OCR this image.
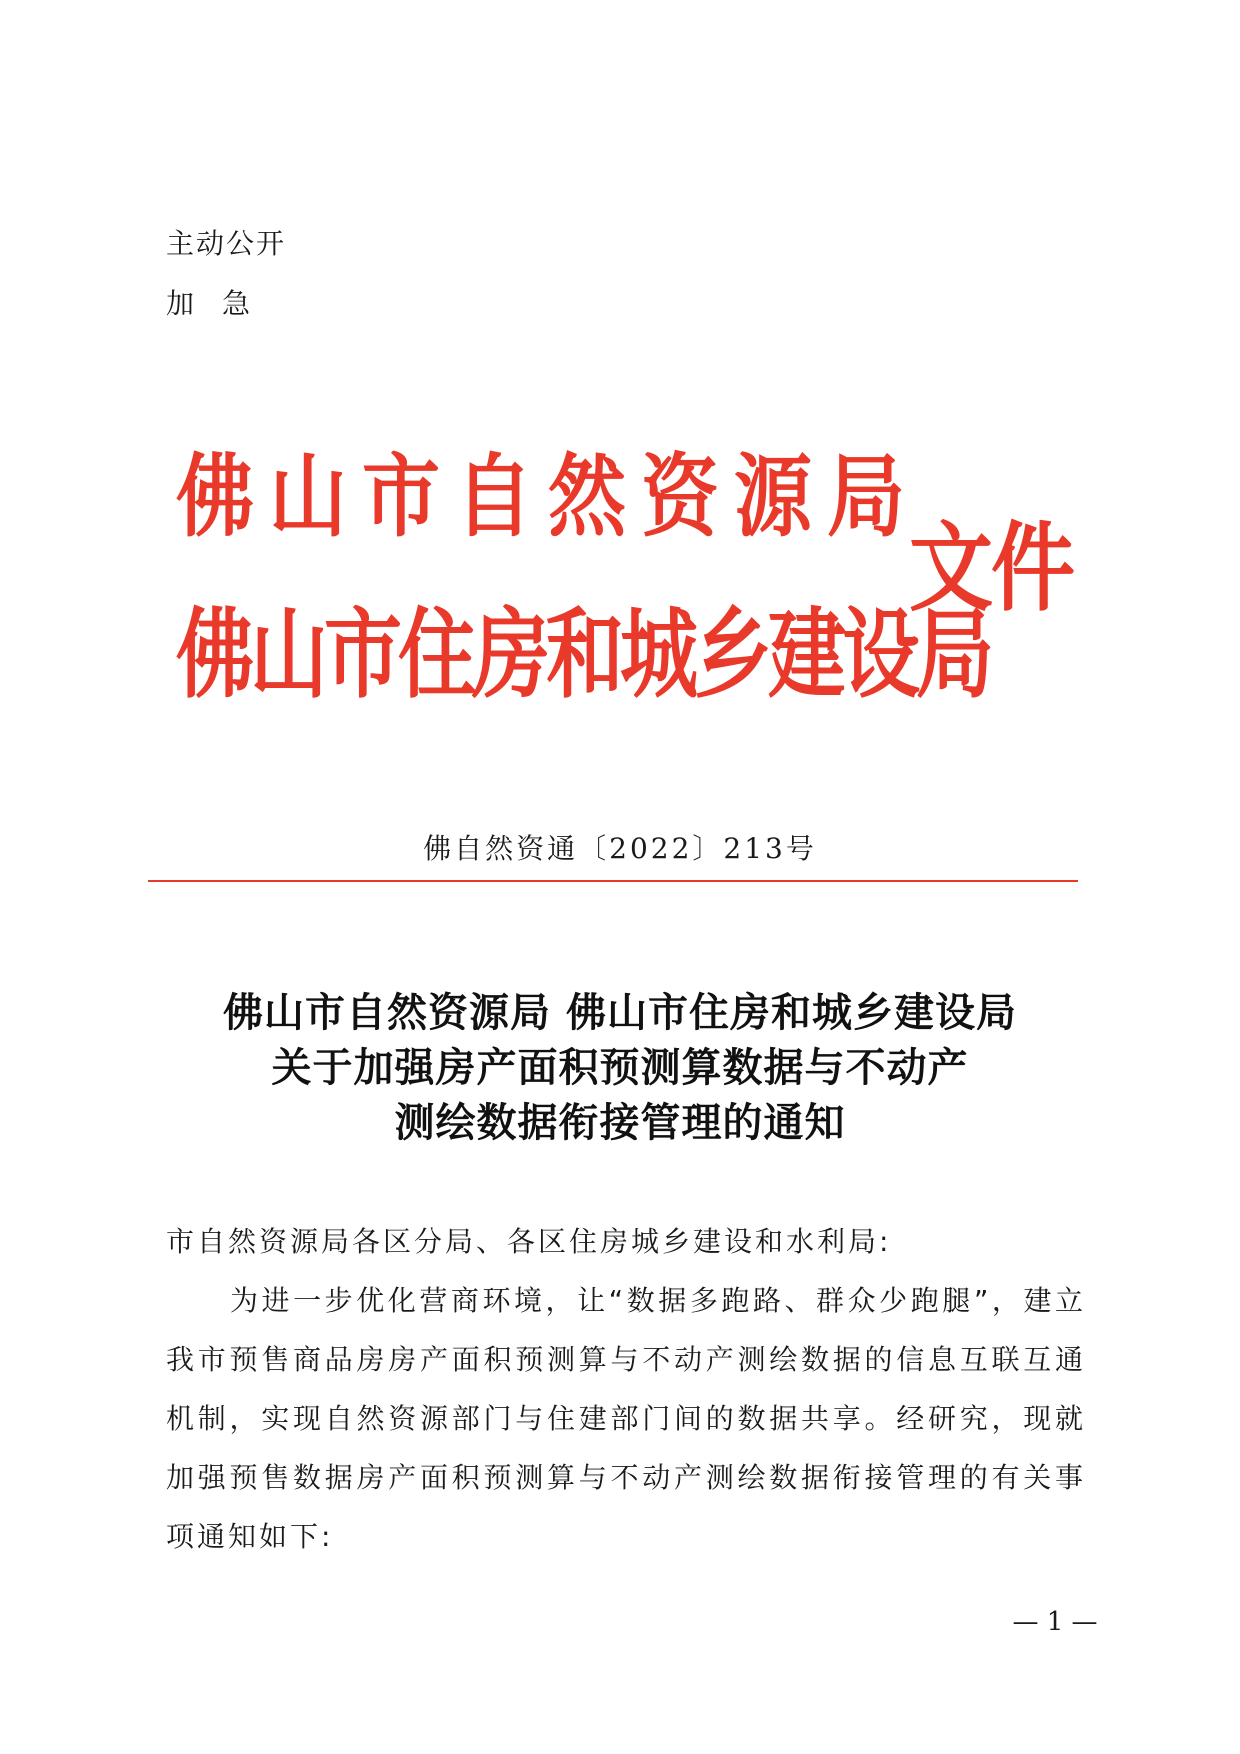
主动公开
加急
佛山市自然资源局
佛山市住房和城乡建设局
文件
佛自然资通〔2022〕213号
佛山市自然资源局 佛山市住房和城乡建设局
关于加强房产面积预测算数据与不动产
测绘数据衔接管理的通知

市自然资源局各区分局、各区住房城乡建设和水利局:

为进一步优化营商环境，让“数据多跑路、群众少跑腿”，建立我市预售商品房房产面积预测算与不动产测绘数据的信息互联互通机制，实现自然资源部门与住建部门间的数据共享。经研究，现就加强预售数据房产面积预测算与不动产测绘数据衔接管理的有关事项通知如下:

— 1 —
